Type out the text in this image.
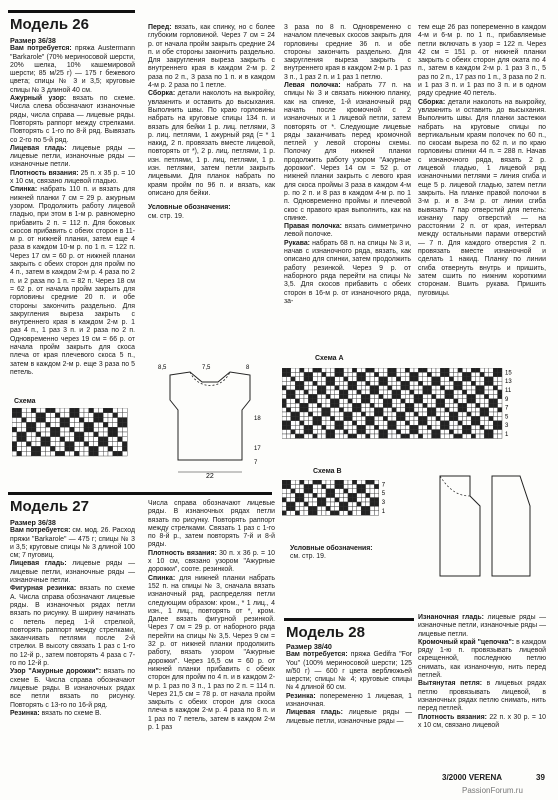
Модель 26

Размер 36/38

Вам потребуется: пряжа Austermann "Barkarole" (70% мериносовой шерсти, 20% шелка, 10% кашемировой шерсти; 85 м/25 г) — 175 г бежевого цвета; спицы № 3 и 3,5; круговые спицы № 3 длиной 40 см.

Ажурный узор: вязать по схеме. Числа слева обозначают изнаночные ряды, числа справа — лицевые ряды. Повторять раппорт между стрелками. Повторять с 1-го по 8-й ряд. Вывязать со 2-го по 5-й ряд.

Лицевая гладь: лицевые ряды — лицевые петли, изнаночные ряды — изнаночные петли.

Плотность вязания: 25 п. х 35 р. = 10 х 10 см, связано лицевой гладью.

Спинка: набрать 110 п. и вязать для нижней планки 7 см = 29 р. ажурным узором. Продолжить работу лицевой гладью, при этом в 1-м р. равномерно прибавить 2 п. = 112 п. Для боковых скосов прибавить с обеих сторон в 11-м р. от нижней планки, затем еще 4 раза в каждом 10-м р. по 1 п. = 122 п. Через 17 см = 60 р. от нижней планки закрыть с обеих сторон для пройм по 4 п., затем в каждом 2-м р. 4 раза по 2 п. и 2 раза по 1 п. = 82 п. Через 18 см = 62 р. от начала пройм закрыть для горловины средние 20 п. и обе стороны закончить раздельно. Для закругления выреза закрыть с внутреннего края в каждом 2-м р. 1 раз 4 п., 1 раз 3 п. и 2 раза по 2 п. Одновременно через 19 см = 66 р. от начала пройм закрыть для скоса плеча от края плечевого скоса 5 п., затем в каждом 2-м р. еще 3 раза по 5 петель.

Перед: вязать, как спинку, но с более глубоким горловиной. Через 7 см = 24 р. от начала пройм закрыть средние 24 п. и обе стороны закончить раздельно. Для закругления выреза закрыть с внутреннего края в каждом 2-м р. 2 раза по 2 п., 3 раза по 1 п. и в каждом 4-м р. 2 раза по 1 петле.

Сборка: детали наколоть на выкройку, увлажнить и оставить до высыхания. Выполнить швы. По краю горловины набрать на круговые спицы 134 п. и вязать для бейки 1 р. лиц. петлями, 3 р. лиц. петлями, 1 ажурный ряд (= * 1 накид, 2 п. провязать вместе лицевой, повторять от *), 2 р. лиц. петлями, 1 р. изн. петлями, 1 р. лиц. петлями, 1 р. изн. петлями, затем петли закрыть лицевыми. Для планок набрать по краям пройм по 96 п. и вязать, как описано для бейки.

Условные обозначения:
см. стр. 19.

Схема
22
8,5	7,5	8
18
17
7
Модель 27

Размер 36/38

Вам потребуется: см. мод. 26. Расход пряжи "Barkarole" — 475 г; спицы № 3 и 3,5; круговые спицы № 3 длиной 100 см; 7 пуговиц.

Лицевая гладь: лицевые ряды — лицевые петли, изнаночные ряды — изнаночные петли.

Фигурная резинка: вязать по схеме А. Числа справа обозначают лицевые ряды. В изнаночных рядах петли вязать по рисунку. В ширину начинать с петель перед 1-й стрелкой, повторять раппорт между стрелками, заканчивать петлями после 2-й стрелки. В высоту связать 1 раз с 1-го по 12-й р., затем повторять 4 раза с 7-го по 12-й р.

Узор "Ажурные дорожки": вязать по схеме Б. Числа справа обозначают лицевые ряды. В изнаночных рядах все петли вязать по рисунку. Повторять с 13-го по 16-й ряд.

Резинка: вязать по схеме В.

Числа справа обозначают лицевые ряды. В изнаночных рядах петли вязать по рисунку. Повторять раппорт между стрелками. Связать 1 раз с 1-го по 8-й р., затем повторять 7-й и 8-й ряды.

Плотность вязания: 30 п. х 36 р. = 10 х 10 см, связано узором "Ажурные дорожки", сооте. резинкой.

Спинка: для нижней планки набрать 152 п. на спицы № 3, сначала вязать изнаночный ряд, распределяя петли следующим образом: кром., * 1 лиц., 4 изн., 1 лиц., повторять от *, кром. Далее вязать фигурной резинкой. Через 7 см = 29 р. от наборного ряда перейти на спицы № 3,5. Через 9 см = 32 р. от нижней планки продолжить работу, вязать узором "Ажурные дорожки". Через 16,5 см = 60 р. от нижней планки прибавить с обеих сторон для пройм по 4 п. и в каждом 2-м р. 1 раз по 3 п., 1 раз по 2 п. = 114 п. Через 21,5 см = 78 р. от начала пройм закрыть с обеих сторон для скоса плеча в каждом 2-м р. 4 раза по 8 п. и 1 раз по 7 петель, затем в каждом 2-м р. 1 раз

3 раза по 8 п. Одновременно с началом плечевых скосов закрыть для горловины средние 36 п. и обе стороны закончить раздельно. Для закругления выреза закрыть с внутреннего края в каждом 2-м р. 1 раз 3 п., 1 раз 2 п. и 1 раз 1 петлю.

Левая полочка: набрать 77 п. на спицы № 3 и связать нижнюю планку, как на спинке, 1-й изнаночный ряд начать после кромочной с 2 изнаночных и 1 лицевой петли, затем повторять от *. Следующие лицевые ряды заканчивать перед кромочной петлей у левой стороны схемы. Полочку для нижней планки продолжить работу узором "Ажурные дорожки". Через 14 см = 52 р. от нижней планки закрыть с левого края для скоса проймы 3 раза в каждом 4-м р. по 2 п. и 8 раз в каждом 4-м р. по 1 п. Одновременно проймы и плечевой скос с правого края выполнить, как на спинке.

Правая полочка: вязать симметрично левой полочке.

Рукава: набрать 68 п. на спицы № 3 и, начав с изнаночного ряда, вязать, как описано для спинки, затем продолжить работу резинкой. Через 9 р. от наборного ряда перейти на спицы № 3,5. Для скосов прибавить с обеих сторон в 16-м р. от изнаночного ряда, за-

тем еще 26 раз попеременно в каждом 4-м и 6-м р. по 1 п., прибавляемые петли включать в узор = 122 п. Через 42 см = 151 р. от нижней планки закрыть с обеих сторон для оката по 4 п., затем в каждом 2-м р. 1 раз 3 п., 5 раз по 2 п., 17 раз по 1 п., 3 раза по 2 п. и 1 раз 3 п. и 1 раз по 3 п. и в одном ряду средние 40 петель.

Сборка: детали наколоть на выкройку, увлажнить и оставить до высыхания. Выполнить швы. Для планки застежки набрать на круговые спицы по вертикальным краям полочек по 60 п., по скосам выреза по 62 п. и по краю горловины спинки 44 п. = 288 п. Начав с изнаночного ряда, вязать 2 р. лицевой гладью, 1 лицевой ряд изнаночными петлями = линия сгиба и еще 5 р. лицевой гладью, затем петли закрыть. На планке правой полочки в 3-м р. и в 3-м р. от линии сгиба вывязать 7 пар отверстий для петель: изнанку пару отверстий — на расстоянии 2 п. от края, интервал между остальными парами отверстий — 7 п. Для каждого отверстия 2 п. провязать вместе изнаночной и сделать 1 накид. Планку по линии сгиба отвернуть внутрь и пришить, затем сшить по нижним короткими сторонам. Вшить рукава. Пришить пуговицы.

Схема А
15
13
11
9
7
5
3
1
Схема В
7
5
3
1

Условные обозначения:
см. стр. 19.

Модель 28

Размер 38/40

Вам потребуется: пряжа Gedifra "For You" (100% мериносовой шерсти; 125 м/50 г) — 600 г цвета верблюжьей шерсти; спицы № 4; круговые спицы № 4 длиной 60 см.

Резинка: попеременно 1 лицевая, 1 изнаночная.

Лицевая гладь: лицевые ряды — лицевые петли, изнаночные ряды —

Изнаночная гладь: лицевые ряды — изнаночные петли, изнаночные ряды — лицевые петли.

Кромочный край "цепочка": в каждом ряду 1-ю п. провязывать лицевой скрещенной, последнюю петлю снимать, как изнаночную, нить перед петлей.

Вытянутая петля: в лицевых рядах петлю провязывать лицевой, в изнаночных рядах петлю снимать, нить перед петлей.

Плотность вязания: 22 п. х 30 р. = 10 х 10 см, связано лицевой

3/2000 VERENA	39
PassionForum.ru
